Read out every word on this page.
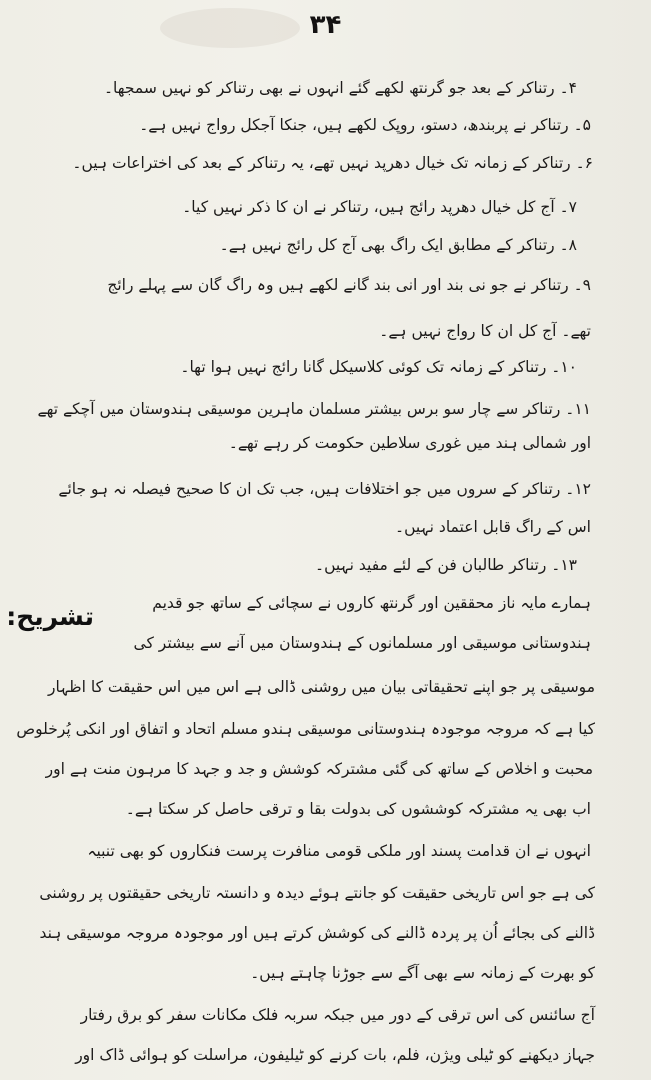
۳۴
۴۔ رتناکر کے بعد جو گرنتھ لکھے گئے انہوں نے بھی رتناکر کو نہیں سمجھا۔
۵۔ رتناکر نے پربندھ، دستو، روپک لکھے ہیں، جنکا آجکل رواج نہیں ہے۔
۶۔ رتناکر کے زمانہ تک خیال دھرپد نہیں تھے، یہ رتناکر کے بعد کی اختراعات ہیں۔
۷۔ آج کل خیال دھرپد رائج ہیں، رتناکر نے ان کا ذکر نہیں کیا۔
۸۔ رتناکر کے مطابق ایک راگ بھی آج کل رائج نہیں ہے۔
۹۔ رتناکر نے جو نی بند اور انی بند گانے لکھے ہیں وہ راگ گان سے پہلے رائج
تھے۔ آج کل ان کا رواج نہیں ہے۔
۱۰۔ رتناکر کے زمانہ تک کوئی کلاسیکل گانا رائج نہیں ہوا تھا۔
۱۱۔ رتناکر سے چار سو برس بیشتر مسلمان ماہرین موسیقی ہندوستان میں آچکے تھے
اور شمالی ہند میں غوری سلاطین حکومت کر رہے تھے۔
۱۲۔ رتناکر کے سروں میں جو اختلافات ہیں، جب تک ان کا صحیح فیصلہ نہ ہو جائے
اس کے راگ قابل اعتماد نہیں۔
۱۳۔ رتناکر طالبان فن کے لئے مفید نہیں۔
تشریح:	ہمارے مایہ ناز محققین اور گرنتھ کاروں نے سچائی کے ساتھ جو قدیم
ہندوستانی موسیقی اور مسلمانوں کے ہندوستان میں آنے سے بیشتر کی
موسیقی پر جو اپنے تحقیقاتی بیان میں روشنی ڈالی ہے اس میں اس حقیقت کا اظہار
کیا ہے کہ مروجہ موجودہ ہندوستانی موسیقی ہندو مسلم اتحاد و اتفاق اور انکی پُرخلوص
محبت و اخلاص کے ساتھ کی گئی مشترکہ کوشش و جد و جہد کا مرہون منت ہے اور
اب بھی یہ مشترکہ کوششوں کی بدولت بقا و ترقی حاصل کر سکتا ہے۔
انہوں نے ان قدامت پسند اور ملکی قومی منافرت پرست فنکاروں کو بھی تنبیہ
کی ہے جو اس تاریخی حقیقت کو جانتے ہوئے دیدہ و دانستہ تاریخی حقیقتوں پر روشنی
ڈالنے کی بجائے اُن پر پردہ ڈالنے کی کوشش کرتے ہیں اور موجودہ مروجہ موسیقی ہند
کو بھرت کے زمانہ سے بھی آگے سے جوڑنا چاہتے ہیں۔
آج سائنس کی اس ترقی کے دور میں جبکہ سربہ فلک مکانات سفر کو برق رفتار
جہاز دیکھنے کو ٹیلی ویژن، فلم، بات کرنے کو ٹیلیفون، مراسلت کو ہوائی ڈاک اور
